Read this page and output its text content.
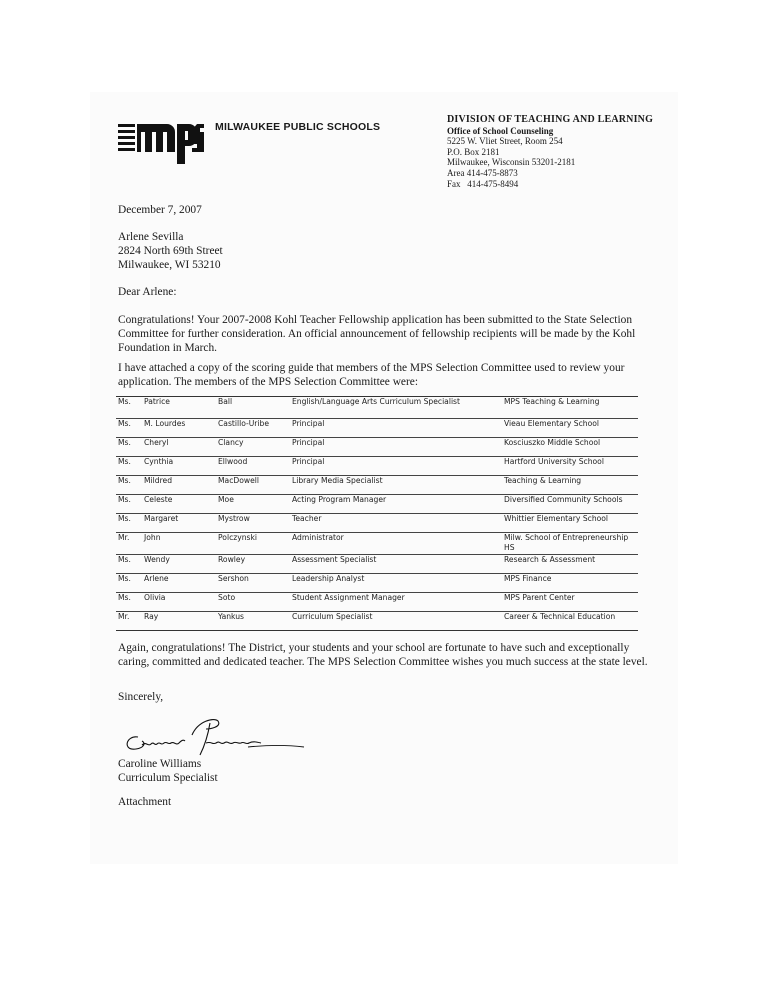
MILWAUKEE PUBLIC SCHOOLS
DIVISION OF TEACHING AND LEARNING
Office of School Counseling
5225 W. Vliet Street, Room 254
P.O. Box 2181
Milwaukee, Wisconsin 53201-2181
Area 414-475-8873
Fax   414-475-8494
December 7, 2007
Arlene Sevilla
2824 North 69th Street
Milwaukee, WI 53210
Dear Arlene:
Congratulations! Your 2007-2008 Kohl Teacher Fellowship application has been submitted to the State Selection Committee for further consideration. An official announcement of fellowship recipients will be made by the Kohl Foundation in March.
I have attached a copy of the scoring guide that members of the MPS Selection Committee used to review your application. The members of the MPS Selection Committee were:
Ms.	Patrice	Ball	English/Language Arts Curriculum Specialist	MPS Teaching & Learning
Ms.	M. Lourdes	Castillo-Uribe	Principal	Vieau Elementary School
Ms.	Cheryl	Clancy	Principal	Kosciuszko Middle School
Ms.	Cynthia	Ellwood	Principal	Hartford University School
Ms.	Mildred	MacDowell	Library Media Specialist	Teaching & Learning
Ms.	Celeste	Moe	Acting Program Manager	Diversified Community Schools
Ms.	Margaret	Mystrow	Teacher	Whittier Elementary School
Mr.	John	Polczynski	Administrator	Milw. School of Entrepreneurship HS
Ms.	Wendy	Rowley	Assessment Specialist	Research & Assessment
Ms.	Arlene	Sershon	Leadership Analyst	MPS Finance
Ms.	Olivia	Soto	Student Assignment Manager	MPS Parent Center
Mr.	Ray	Yankus	Curriculum Specialist	Career & Technical Education
Again, congratulations! The District, your students and your school are fortunate to have such and exceptionally caring, committed and dedicated teacher. The MPS Selection Committee wishes you much success at the state level.
Sincerely,
Caroline Williams
Curriculum Specialist
Attachment
